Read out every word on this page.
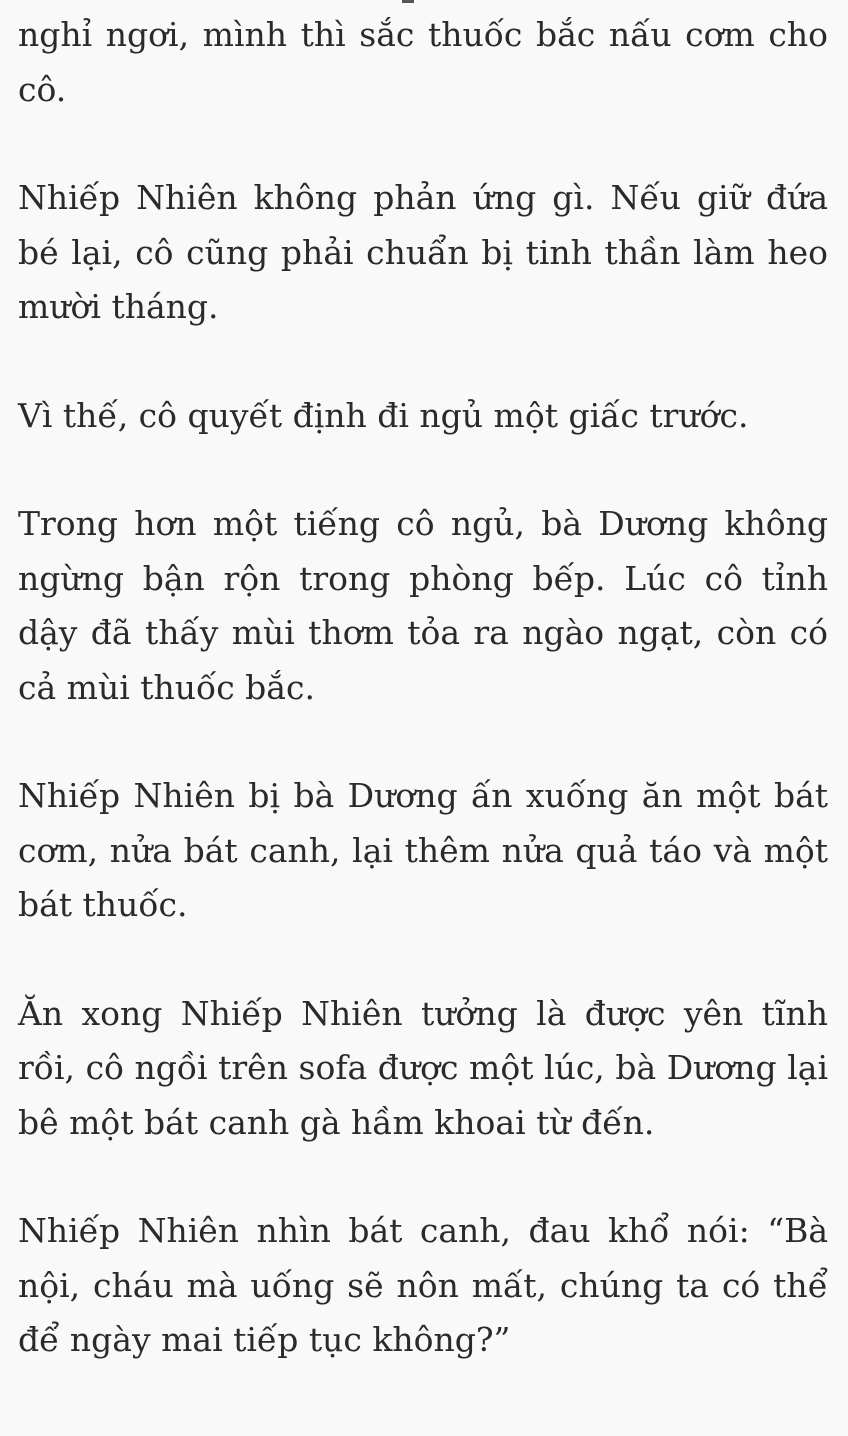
nghỉ ngơi, mình thì sắc thuốc bắc nấu cơm cho cô.

Nhiếp Nhiên không phản ứng gì. Nếu giữ đứa bé lại, cô cũng phải chuẩn bị tinh thần làm heo mười tháng.

Vì thế, cô quyết định đi ngủ một giấc trước.

Trong hơn một tiếng cô ngủ, bà Dương không ngừng bận rộn trong phòng bếp. Lúc cô tỉnh dậy đã thấy mùi thơm tỏa ra ngào ngạt, còn có cả mùi thuốc bắc.

Nhiếp Nhiên bị bà Dương ấn xuống ăn một bát cơm, nửa bát canh, lại thêm nửa quả táo và một bát thuốc.

Ăn xong Nhiếp Nhiên tưởng là được yên tĩnh rồi, cô ngồi trên sofa được một lúc, bà Dương lại bê một bát canh gà hầm khoai từ đến.

Nhiếp Nhiên nhìn bát canh, đau khổ nói: “Bà nội, cháu mà uống sẽ nôn mất, chúng ta có thể để ngày mai tiếp tục không?”
